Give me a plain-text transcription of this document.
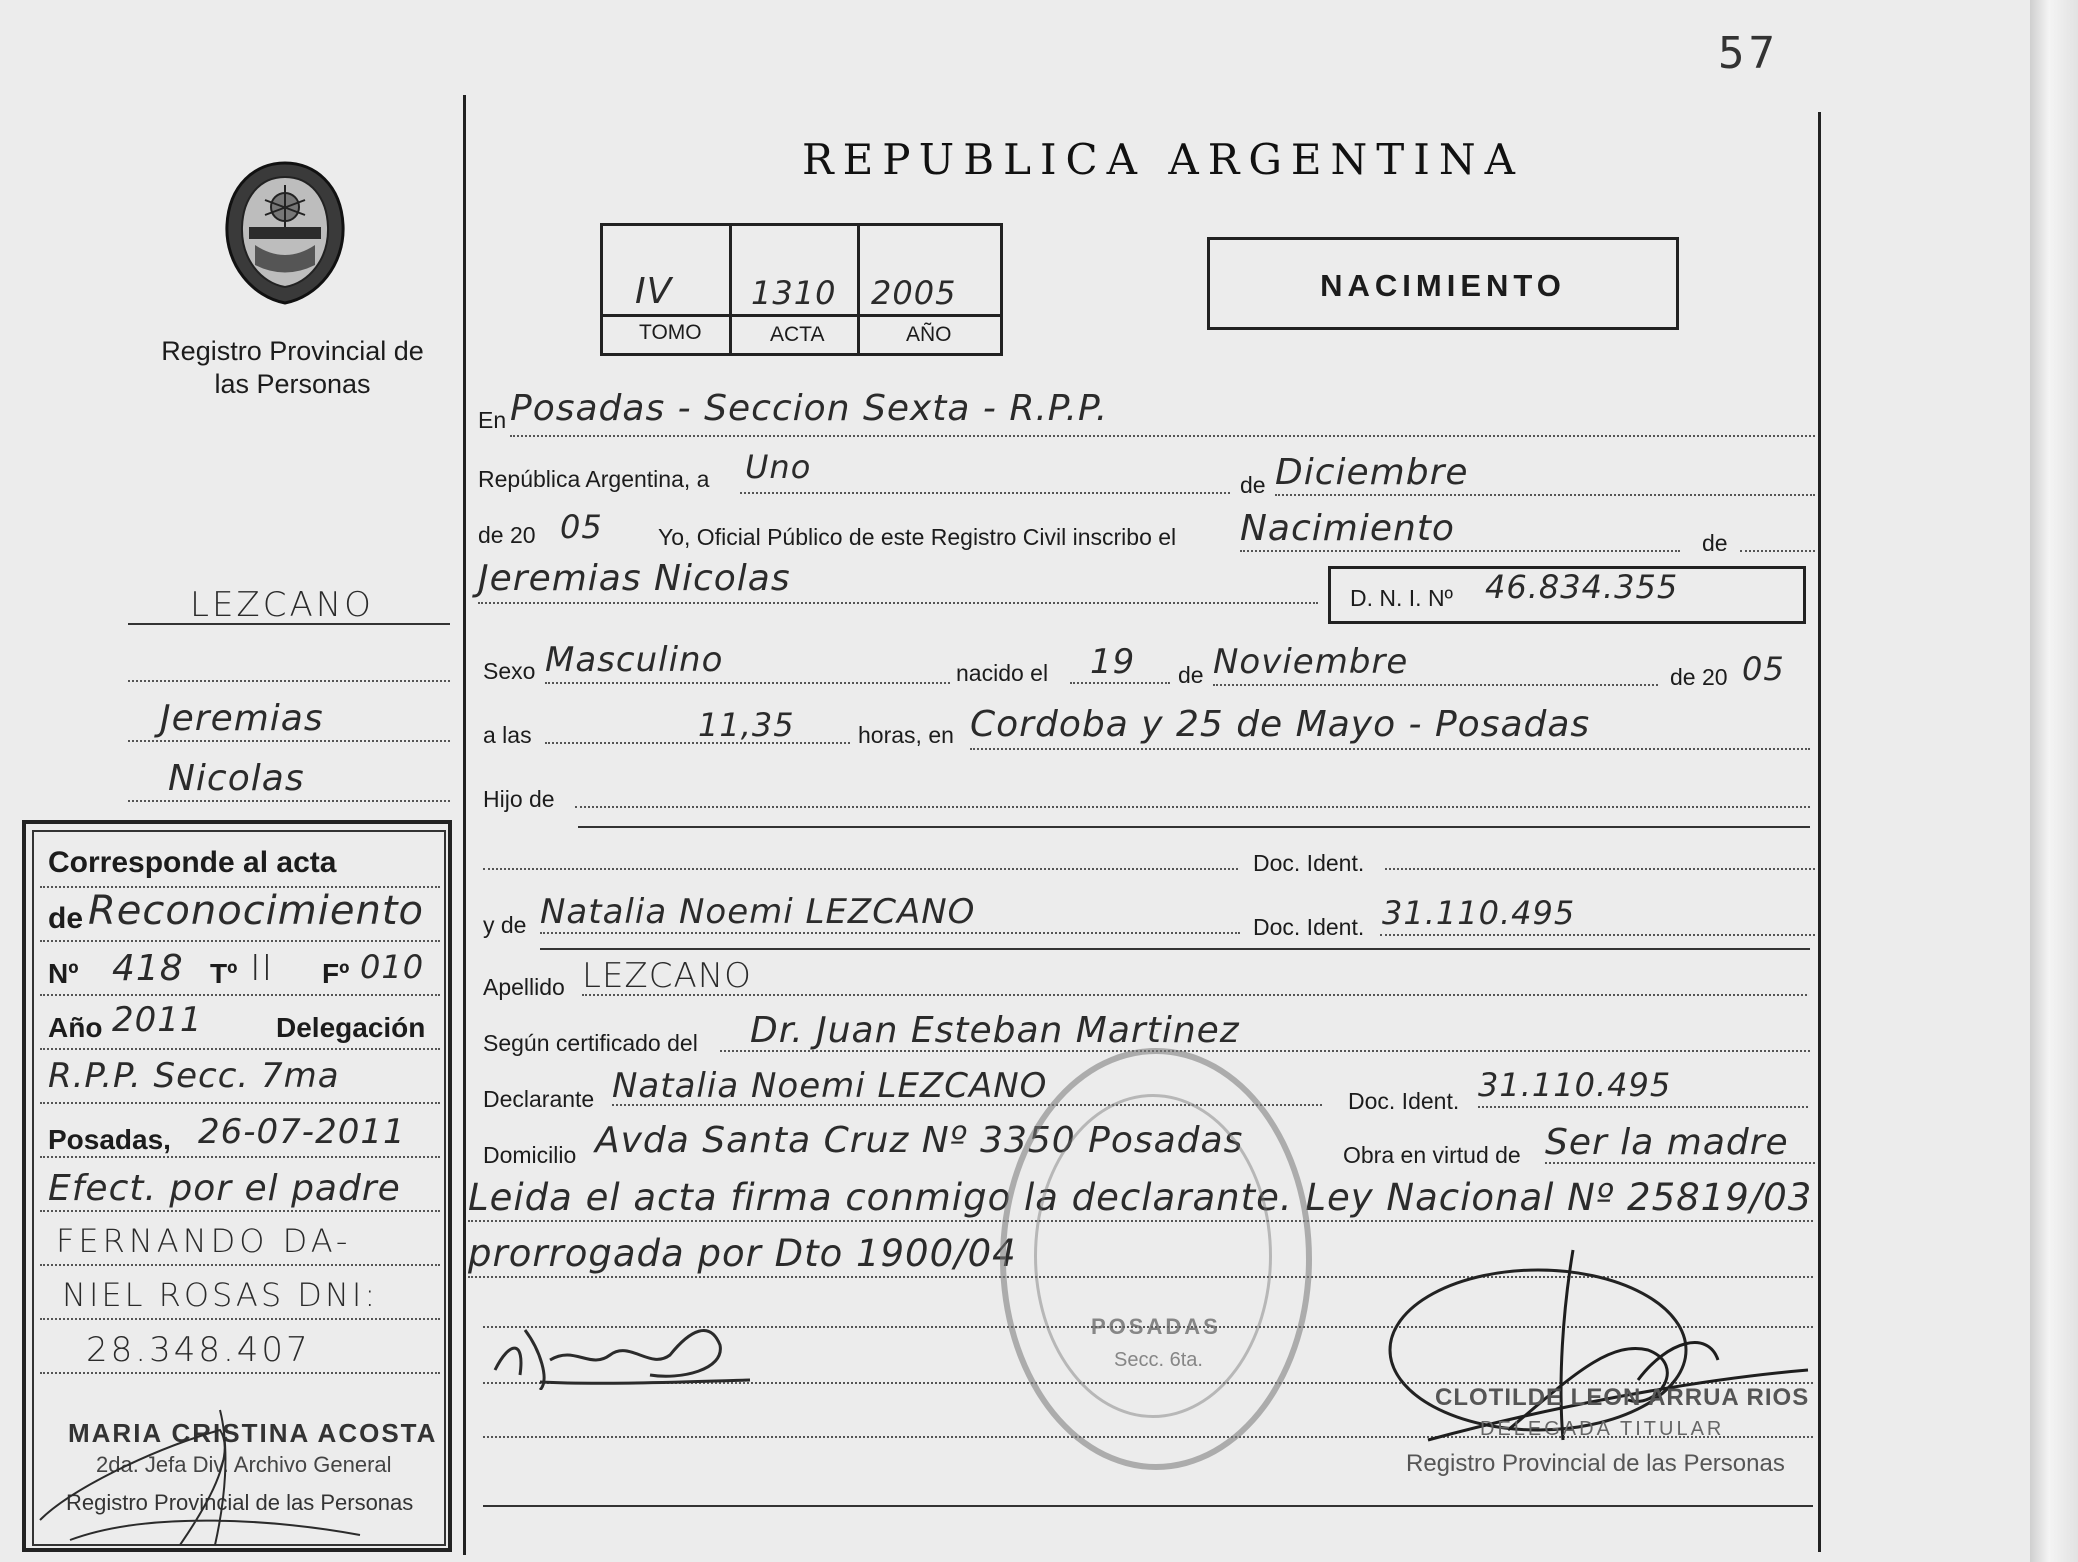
57
Registro Provincial de las Personas
REPUBLICA ARGENTINA
IV 1310 2005
TOMO	ACTA	AÑO
NACIMIENTO
LEZCANO
Jeremias
Nicolas
Corresponde al acta
de Reconocimiento
Nº 418 Tº II Fº 010
Año 2011	Delegación
R.P.P. Secc. 7ma
Posadas, 26-07-2011
Efect. por el padre
FERNANDO DA-
NIEL ROSAS DNI:
28.348.407
MARIA CRISTINA ACOSTA
2da. Jefa Div. Archivo General
Registro Provincial de las Personas
En Posadas - Seccion Sexta - R.P.P.
República Argentina, a Uno	de Diciembre
de 20 05 Yo, Oficial Público de este Registro Civil inscribo el Nacimiento	de
Jeremias Nicolas	D. N. I. Nº 46.834.355
Sexo Masculino	nacido el 19 de Noviembre	de 20 05
a las	11,35	horas, en Cordoba y 25 de Mayo - Posadas
Hijo de
Doc. Ident.
y de Natalia Noemi LEZCANO	Doc. Ident. 31.110.495
Apellido LEZCANO
Según certificado del Dr. Juan Esteban Martinez
Declarante Natalia Noemi LEZCANO	Doc. Ident. 31.110.495
Domicilio Avda Santa Cruz Nº 3350 Posadas	Obra en virtud de Ser la madre
Leida el acta firma conmigo la declarante. Ley Nacional Nº 25819/03
prorrogada por Dto 1900/04
POSADAS
Secc. 6ta.
CLOTILDE LEON ARRUA RIOS
DELEGADA TITULAR
Registro Provincial de las Personas
